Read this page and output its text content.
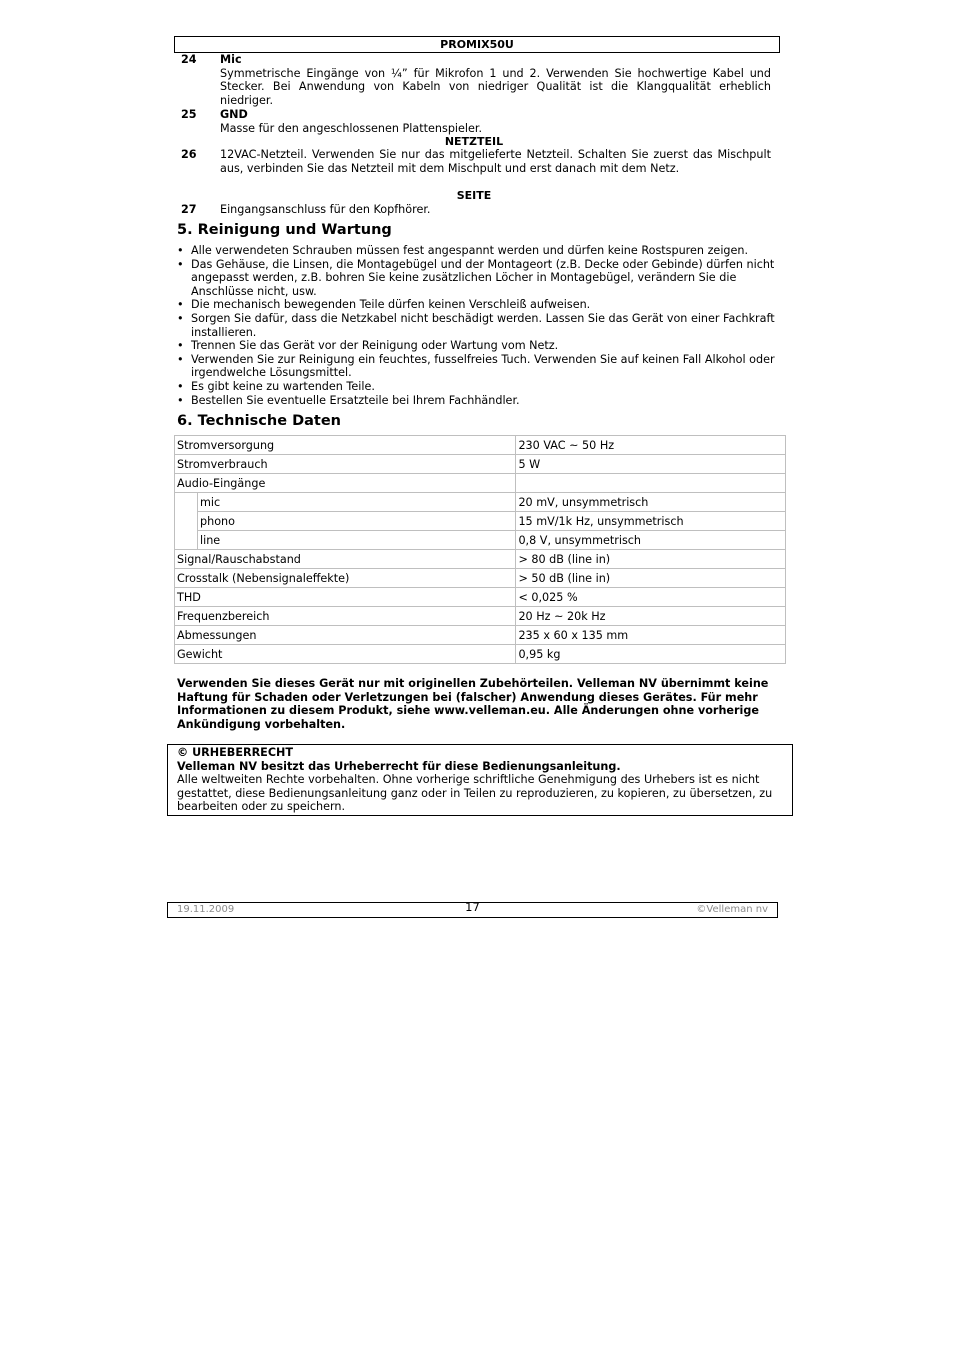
PROMIX50U
24	Mic
Symmetrische Eingänge von ¼” für Mikrofon 1 und 2. Verwenden Sie hochwertige Kabel und Stecker. Bei Anwendung von Kabeln von niedriger Qualität ist die Klangqualität erheblich niedriger.
25	GND
Masse für den angeschlossenen Plattenspieler.
NETZTEIL
26	12VAC-Netzteil. Verwenden Sie nur das mitgelieferte Netzteil. Schalten Sie zuerst das Mischpult aus, verbinden Sie das Netzteil mit dem Mischpult und erst danach mit dem Netz.
SEITE
27	Eingangsanschluss für den Kopfhörer.
5. Reinigung und Wartung
• Alle verwendeten Schrauben müssen fest angespannt werden und dürfen keine Rostspuren zeigen.
• Das Gehäuse, die Linsen, die Montagebügel und der Montageort (z.B. Decke oder Gebinde) dürfen nicht angepasst werden, z.B. bohren Sie keine zusätzlichen Löcher in Montagebügel, verändern Sie die Anschlüsse nicht, usw.
• Die mechanisch bewegenden Teile dürfen keinen Verschleiß aufweisen.
• Sorgen Sie dafür, dass die Netzkabel nicht beschädigt werden. Lassen Sie das Gerät von einer Fachkraft installieren.
• Trennen Sie das Gerät vor der Reinigung oder Wartung vom Netz.
• Verwenden Sie zur Reinigung ein feuchtes, fusselfreies Tuch. Verwenden Sie auf keinen Fall Alkohol oder irgendwelche Lösungsmittel.
• Es gibt keine zu wartenden Teile.
• Bestellen Sie eventuelle Ersatzteile bei Ihrem Fachhändler.
6. Technische Daten
Stromversorgung		230 VAC ~ 50 Hz
Stromverbrauch		5 W
Audio-Eingänge		
	mic	20 mV, unsymmetrisch
	phono	15 mV/1k Hz, unsymmetrisch
	line	0,8 V, unsymmetrisch
Signal/Rauschabstand		> 80 dB (line in)
Crosstalk (Nebensignaleffekte)		> 50 dB (line in)
THD		< 0,025 %
Frequenzbereich		20 Hz ~ 20k Hz
Abmessungen		235 x 60 x 135 mm
Gewicht		0,95 kg
Verwenden Sie dieses Gerät nur mit originellen Zubehörteilen. Velleman NV übernimmt keine Haftung für Schaden oder Verletzungen bei (falscher) Anwendung dieses Gerätes. Für mehr Informationen zu diesem Produkt, siehe www.velleman.eu. Alle Änderungen ohne vorherige Ankündigung vorbehalten.
© URHEBERRECHT
Velleman NV besitzt das Urheberrecht für diese Bedienungsanleitung.
Alle weltweiten Rechte vorbehalten. Ohne vorherige schriftliche Genehmigung des Urhebers ist es nicht gestattet, diese Bedienungsanleitung ganz oder in Teilen zu reproduzieren, zu kopieren, zu übersetzen, zu bearbeiten oder zu speichern.
19.11.2009	17	©Velleman nv
